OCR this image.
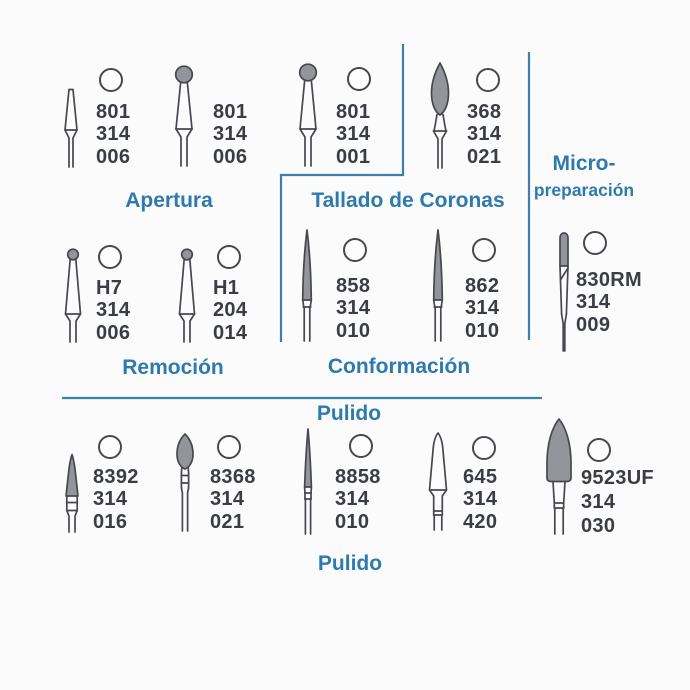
801
314
006
801
314
006
Apertura
801
314
001
368
314
021
Tallado de Coronas
Micro-
preparación
830RM
314
009
H7
314
006
H1
204
014
Remoción
858
314
010
862
314
010
Conformación
Pulido
8392
314
016
8368
314
021
8858
314
010
645
314
420
9523UF
314
030
Pulido
